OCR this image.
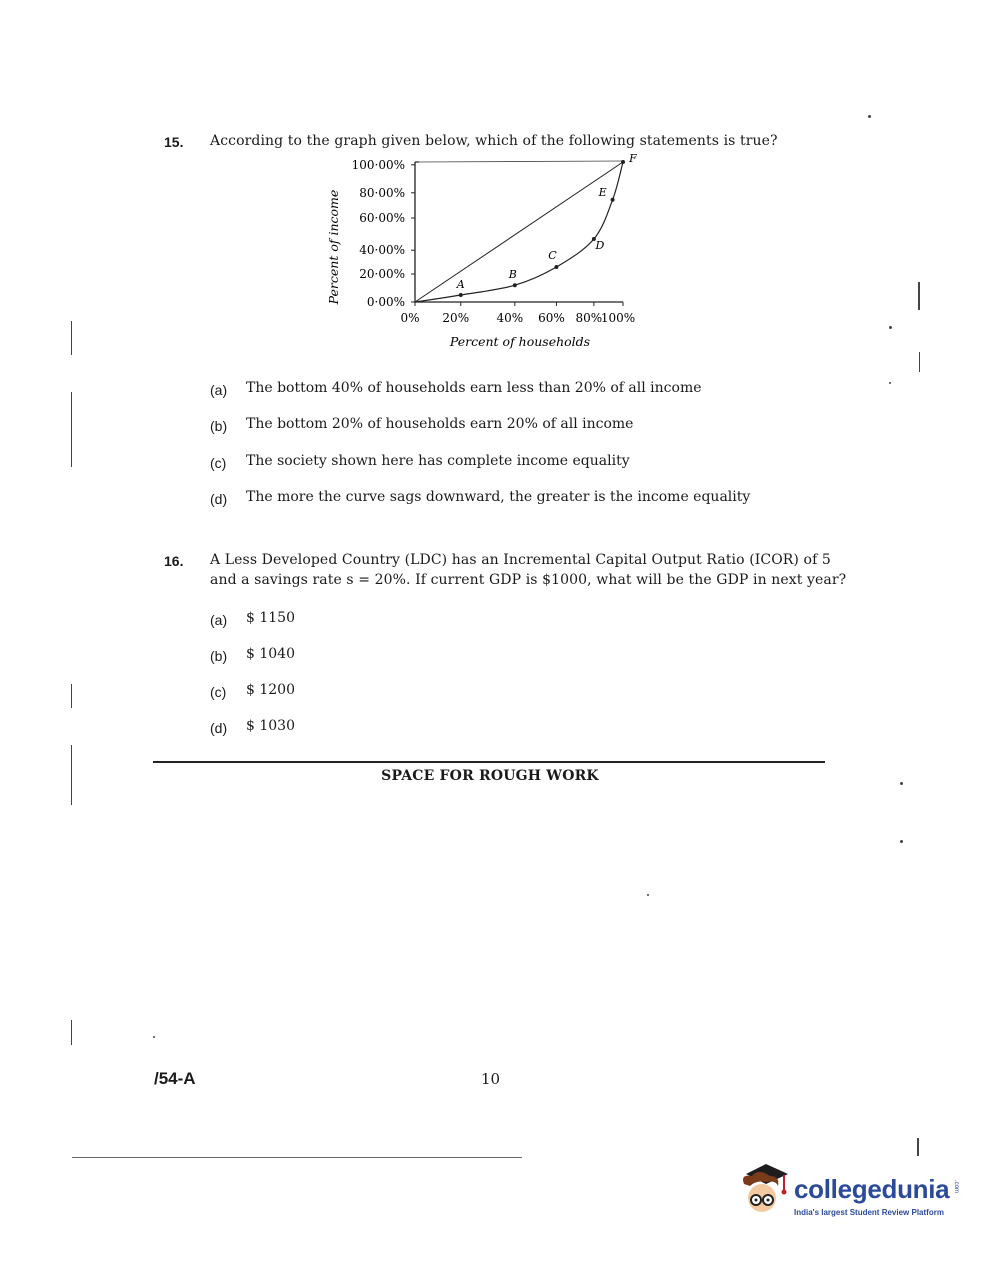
15. According to the graph given below, which of the following statements is true?
0·00%
20·00%
40·00%
60·00%
80·00%
100·00%
0% 20% 40% 60% 80%
100%
A
B
C
D
E
F
Percent of households
Percent of income
(a) The bottom 40% of households earn less than 20% of all income
(b) The bottom 20% of households earn 20% of all income
(c) The society shown here has complete income equality
(d) The more the curve sags downward, the greater is the income equality
16. A Less Developed Country (LDC) has an Incremental Capital Output Ratio (ICOR) of 5
and a savings rate s = 20%. If current GDP is $1000, what will be the GDP in next year?
(a) $ 1150
(b) $ 1040
(c) $ 1200
(d) $ 1030
SPACE FOR ROUGH WORK
/54-A	10
collegedunia .com
India's largest Student Review Platform
